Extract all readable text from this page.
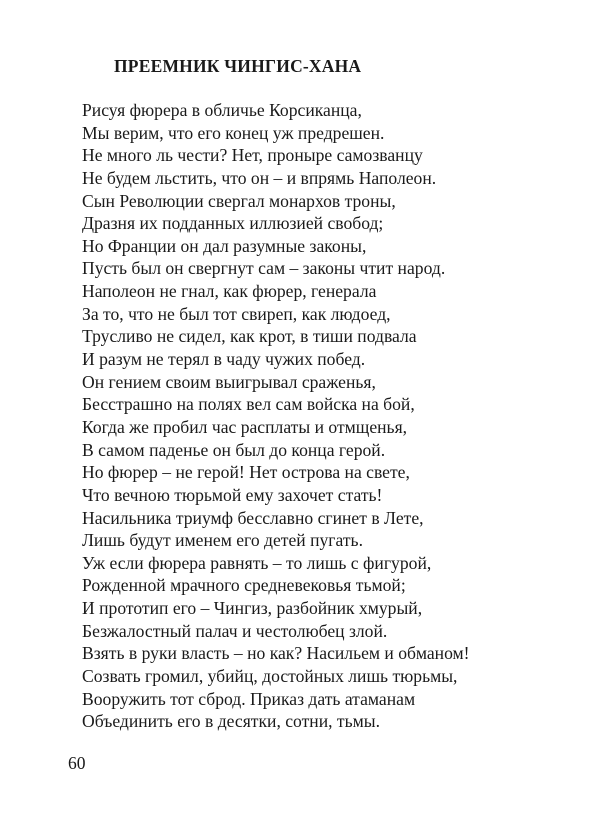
ПРЕЕМНИК ЧИНГИС-ХАНА
Рисуя фюрера в обличье Корсиканца,
Мы верим, что его конец уж предрешен.
Не много ль чести? Нет, проныре самозванцу
Не будем льстить, что он – и впрямь Наполеон.
Сын Революции свергал монархов троны,
Дразня их подданных иллюзией свобод;
Но Франции он дал разумные законы,
Пусть был он свергнут сам – законы чтит народ.
Наполеон не гнал, как фюрер, генерала
За то, что не был тот свиреп, как людоед,
Трусливо не сидел, как крот, в тиши подвала
И разум не терял в чаду чужих побед.
Он гением своим выигрывал сраженья,
Бесстрашно на полях вел сам войска на бой,
Когда же пробил час расплаты и отмщенья,
В самом паденье он был до конца герой.
Но фюрер – не герой! Нет острова на свете,
Что вечною тюрьмой ему захочет стать!
Насильника триумф бесславно сгинет в Лете,
Лишь будут именем его детей пугать.
Уж если фюрера равнять – то лишь с фигурой,
Рожденной мрачного средневековья тьмой;
И прототип его – Чингиз, разбойник хмурый,
Безжалостный палач и честолюбец злой.
Взять в руки власть – но как? Насильем и обманом!
Созвать громил, убийц, достойных лишь тюрьмы,
Вооружить тот сброд. Приказ дать атаманам
Объединить его в десятки, сотни, тьмы.
60
